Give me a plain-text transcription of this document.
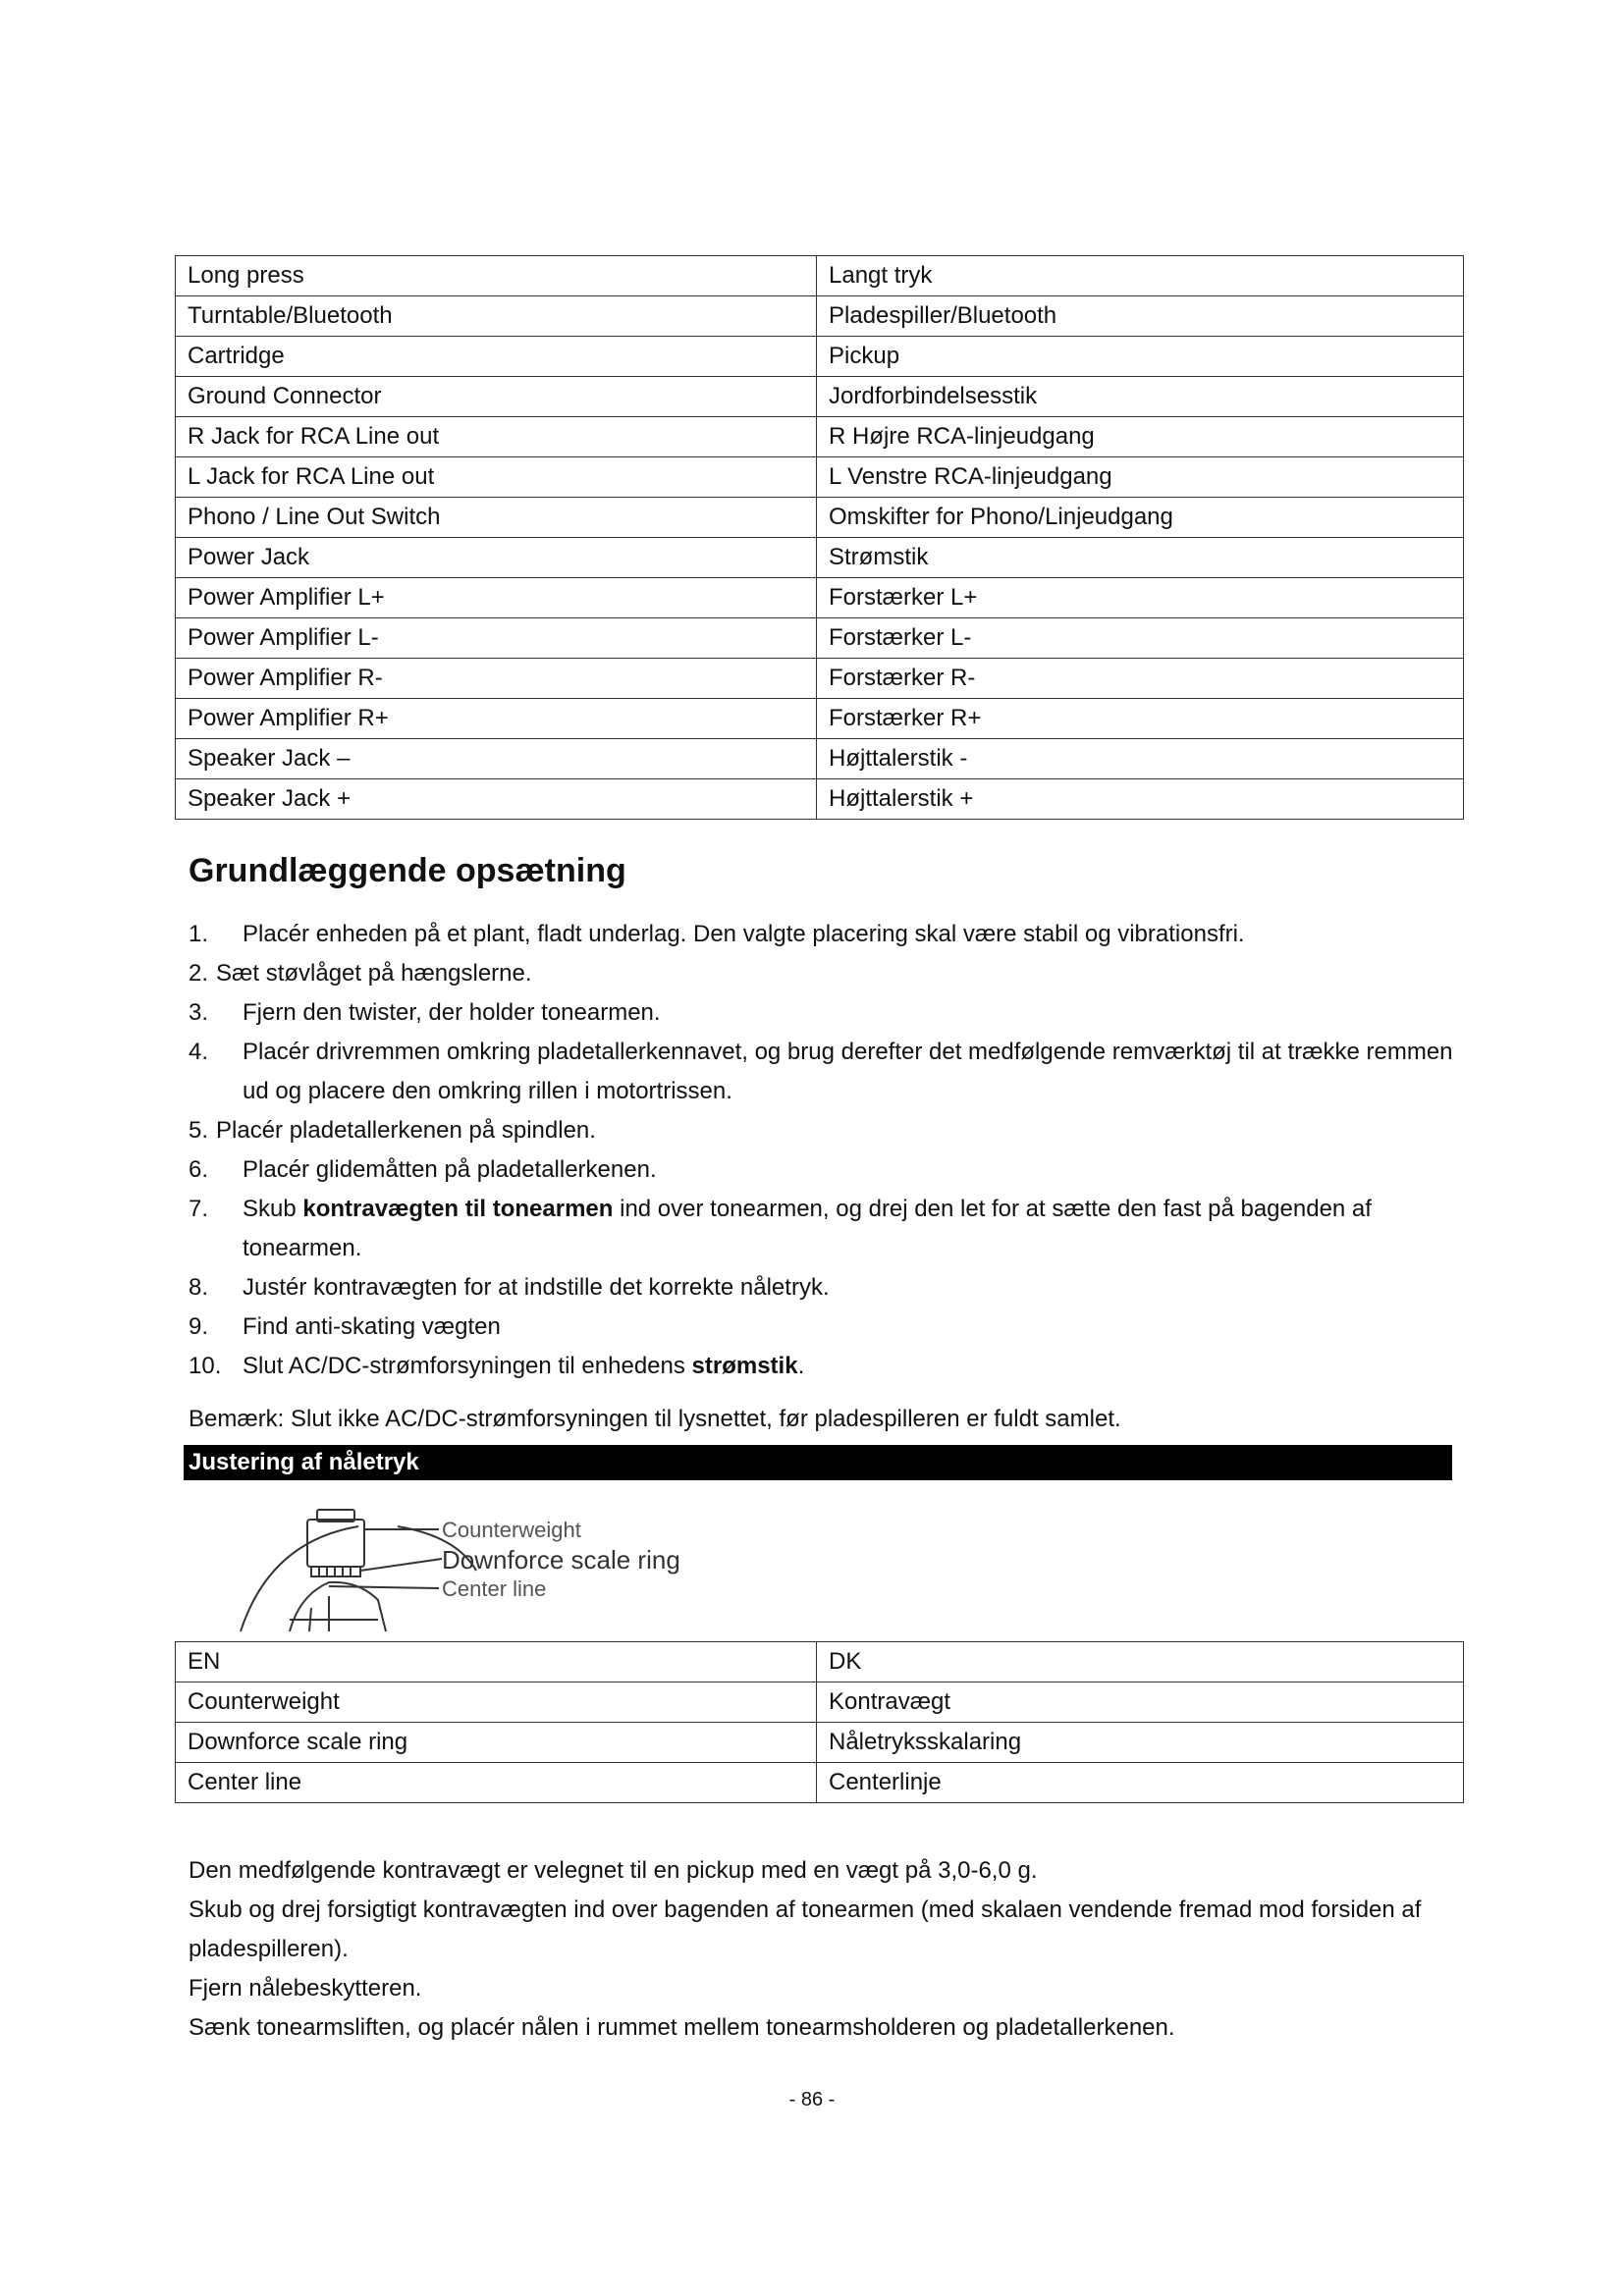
Long press	Langt tryk
Turntable/Bluetooth	Pladespiller/Bluetooth
Cartridge	Pickup
Ground Connector	Jordforbindelsesstik
R Jack for RCA Line out	R Højre RCA-linjeudgang
L Jack for RCA Line out	L Venstre RCA-linjeudgang
Phono / Line Out Switch	Omskifter for Phono/Linjeudgang
Power Jack	Strømstik
Power Amplifier L+	Forstærker L+
Power Amplifier L-	Forstærker L-
Power Amplifier R-	Forstærker R-
Power Amplifier R+	Forstærker R+
Speaker Jack –	Højttalerstik -
Speaker Jack +	Højttalerstik +
Grundlæggende opsætning
1. Placér enheden på et plant, fladt underlag. Den valgte placering skal være stabil og vibrationsfri.
2. Sæt støvlåget på hængslerne.
3. Fjern den twister, der holder tonearmen.
4. Placér drivremmen omkring pladetallerkennavet, og brug derefter det medfølgende remværktøj til at trække remmen ud og placere den omkring rillen i motortrissen.
5. Placér pladetallerkenen på spindlen.
6. Placér glidemåtten på pladetallerkenen.
7. Skub kontravægten til tonearmen ind over tonearmen, og drej den let for at sætte den fast på bagenden af tonearmen.
8. Justér kontravægten for at indstille det korrekte nåletryk.
9. Find anti-skating vægten
10. Slut AC/DC-strømforsyningen til enhedens strømstik.
Bemærk: Slut ikke AC/DC-strømforsyningen til lysnettet, før pladespilleren er fuldt samlet.
Justering af nåletryk
Counterweight
Downforce scale ring
Center line
EN	DK
Counterweight	Kontravægt
Downforce scale ring	Nåletryksskalaring
Center line	Centerlinje

Den medfølgende kontravægt er velegnet til en pickup med en vægt på 3,0-6,0 g.

Skub og drej forsigtigt kontravægten ind over bagenden af tonearmen (med skalaen vendende fremad mod forsiden af pladespilleren).

Fjern nålebeskytteren.

Sænk tonearmsliften, og placér nålen i rummet mellem tonearmsholderen og pladetallerkenen.

- 86 -
